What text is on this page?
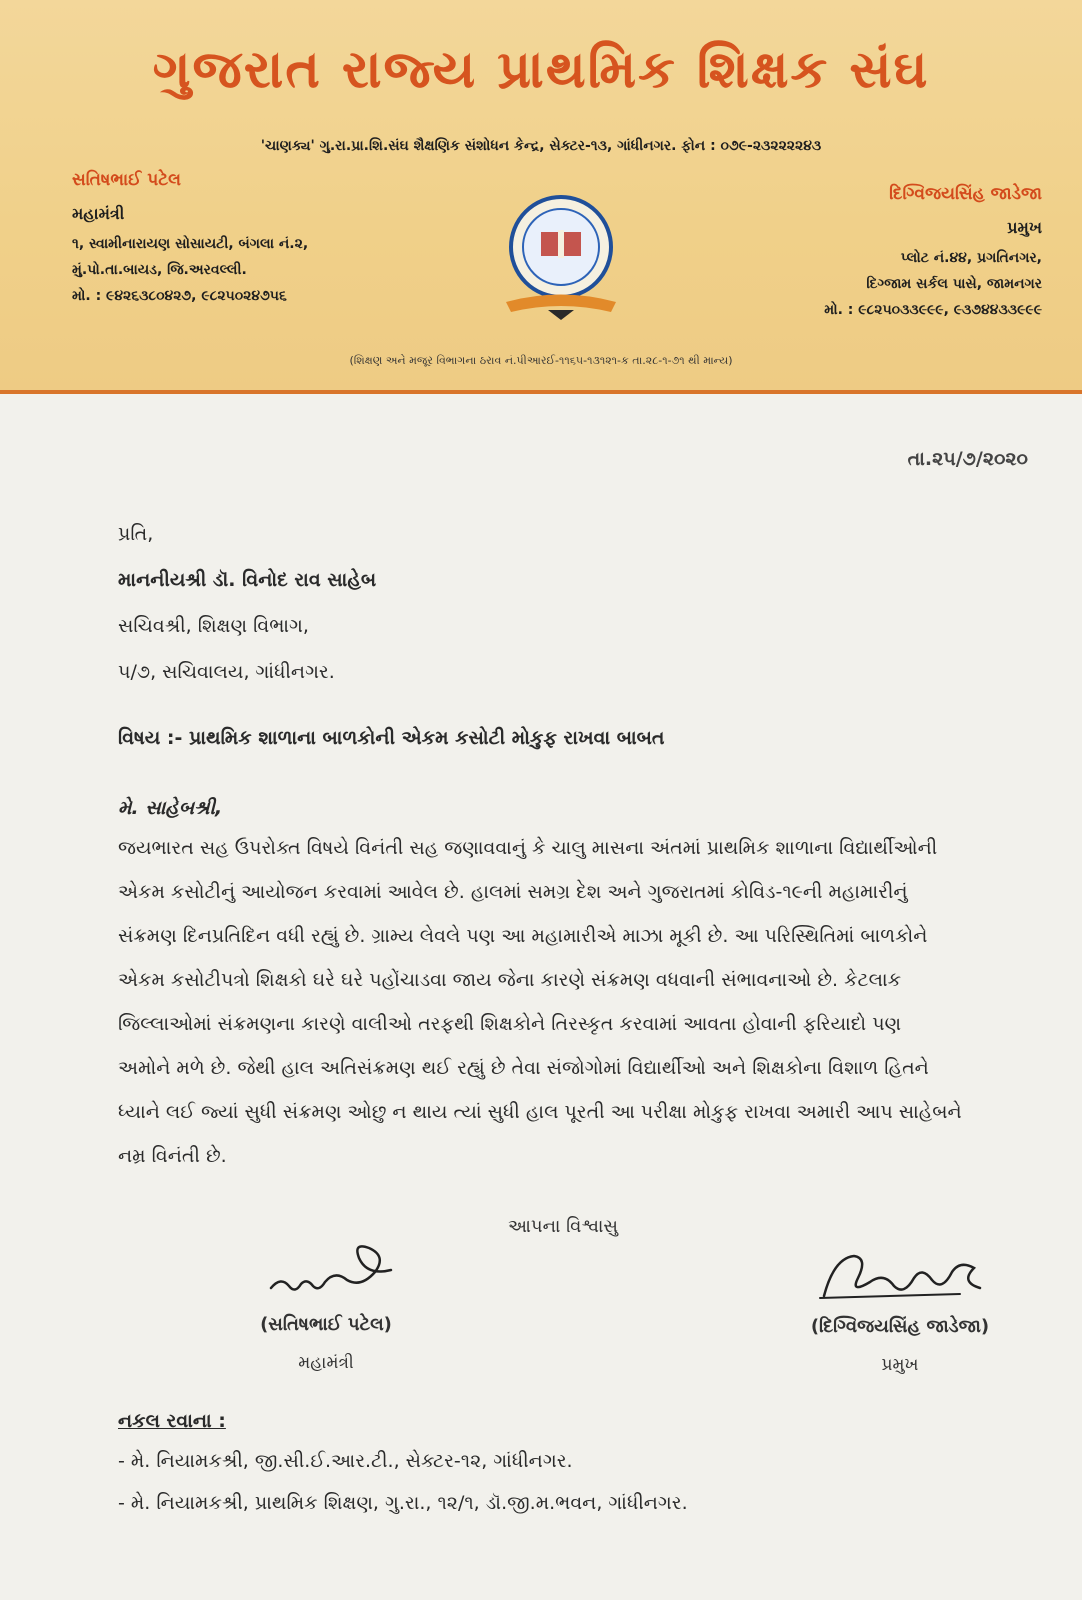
ગુજરાત રાજ્ય પ્રાથમિક શિક્ષક સંઘ
'ચાણક્ય' ગુ.રા.પ્રા.શિ.સંઘ શૈક્ષણિક સંશોધન કેન્દ્ર, સેક્ટર-૧૩, ગાંધીનગર. ફોન : ૦૭૯-૨૩૨૨૨૨૪૩
સતિષભાઈ પટેલ
મહામંત્રી
૧, સ્વામીનારાયણ સોસાયટી, બંગલા નં.૨,
મું.પો.તા.બાયડ, જિ.અરવલ્લી.
મો. : ૯૪૨૬૩૮૦૪૨૭, ૯૮૨૫૦૨૪૭૫૬
દિગ્વિજયસિંહ જાડેજા
પ્રમુખ
પ્લોટ નં.૪૪, પ્રગતિનગર,
દિગ્જામ સર્કલ પાસે, જામનગર
મો. : ૯૮૨૫૦૩૩૯૯૯, ૯૩૭૪૪૩૩૯૯૯
(શિક્ષણ અને મજૂર વિભાગના ઠરાવ નં.પીઆરઈ-૧૧૬૫-૧૩૧૨૧-ક તા.૨૮-૧-૭૧ થી માન્ય)
તા.૨૫/૭/૨૦૨૦

પ્રતિ,

માનનીયશ્રી ડૉ. વિનોદ રાવ સાહેબ

સચિવશ્રી, શિક્ષણ વિભાગ,

૫/૭, સચિવાલય, ગાંધીનગર.

વિષય :- પ્રાથમિક શાળાના બાળકોની એકમ કસોટી મોકુફ રાખવા બાબત
મે. સાહેબશ્રી,

જયભારત સહ ઉપરોક્ત વિષયે વિનંતી સહ જણાવવાનું કે ચાલુ માસના અંતમાં પ્રાથમિક શાળાના વિદ્યાર્થીઓની

એકમ કસોટીનું આયોજન કરવામાં આવેલ છે. હાલમાં સમગ્ર દેશ અને ગુજરાતમાં કોવિડ-૧૯ની મહામારીનું

સંક્રમણ દિનપ્રતિદિન વધી રહ્યું છે. ગ્રામ્ય લેવલે પણ આ મહામારીએ માઝા મૂકી છે. આ પરિસ્થિતિમાં બાળકોને

એકમ કસોટીપત્રો શિક્ષકો ઘરે ઘરે પહોંચાડવા જાય જેના કારણે સંક્રમણ વધવાની સંભાવનાઓ છે. કેટલાક

જિલ્લાઓમાં સંક્રમણના કારણે વાલીઓ તરફથી શિક્ષકોને તિરસ્કૃત કરવામાં આવતા હોવાની ફરિયાદો પણ

અમોને મળે છે. જેથી હાલ અતિસંક્રમણ થઈ રહ્યું છે તેવા સંજોગોમાં વિદ્યાર્થીઓ અને શિક્ષકોના વિશાળ હિતને

ધ્યાને લઈ જ્યાં સુધી સંક્રમણ ઓછુ ન થાય ત્યાં સુધી હાલ પૂરતી આ પરીક્ષા મોકુફ રાખવા અમારી આપ સાહેબને

નમ્ર વિનંતી છે.

આપના વિશ્વાસુ
(સતિષભાઈ પટેલ)
મહામંત્રી
(દિગ્વિજયસિંહ જાડેજા)
પ્રમુખ
નકલ રવાના :
- મે. નિયામકશ્રી, જી.સી.ઈ.આર.ટી., સેક્ટર-૧૨, ગાંધીનગર.
- મે. નિયામકશ્રી, પ્રાથમિક શિક્ષણ, ગુ.રા., ૧૨/૧, ડૉ.જી.મ.ભવન, ગાંધીનગર.
